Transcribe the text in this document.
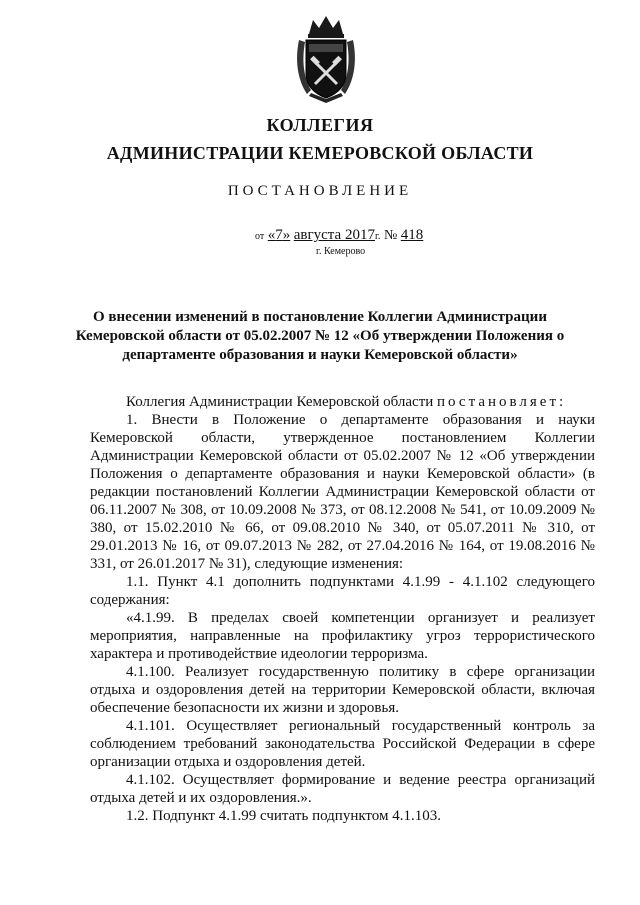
КОЛЛЕГИЯ
АДМИНИСТРАЦИИ КЕМЕРОВСКОЙ ОБЛАСТИ
ПОСТАНОВЛЕНИЕ
от «7» августа 2017г. № 418
г. Кемерово
О внесении изменений в постановление Коллегии Администрации Кемеровской области от 05.02.2007 № 12 «Об утверждении Положения о департаменте образования и науки Кемеровской области»

Коллегия Администрации Кемеровской области постановляет:

1. Внести в Положение о департаменте образования и науки Кемеровской области, утвержденное постановлением Коллегии Администрации Кемеровской области от 05.02.2007 № 12 «Об утверждении Положения о департаменте образования и науки Кемеровской области» (в редакции постановлений Коллегии Администрации Кемеровской области от 06.11.2007 № 308, от 10.09.2008 № 373, от 08.12.2008 № 541, от 10.09.2009 № 380, от 15.02.2010 № 66, от 09.08.2010 № 340, от 05.07.2011 № 310, от 29.01.2013 № 16, от 09.07.2013 № 282, от 27.04.2016 № 164, от 19.08.2016 № 331, от 26.01.2017 № 31), следующие изменения:

1.1. Пункт 4.1 дополнить подпунктами 4.1.99 - 4.1.102 следующего содержания:

«4.1.99. В пределах своей компетенции организует и реализует мероприятия, направленные на профилактику угроз террористического характера и противодействие идеологии терроризма.

4.1.100. Реализует государственную политику в сфере организации отдыха и оздоровления детей на территории Кемеровской области, включая обеспечение безопасности их жизни и здоровья.

4.1.101. Осуществляет региональный государственный контроль за соблюдением требований законодательства Российской Федерации в сфере организации отдыха и оздоровления детей.

4.1.102. Осуществляет формирование и ведение реестра организаций отдыха детей и их оздоровления.».

1.2. Подпункт 4.1.99 считать подпунктом 4.1.103.
